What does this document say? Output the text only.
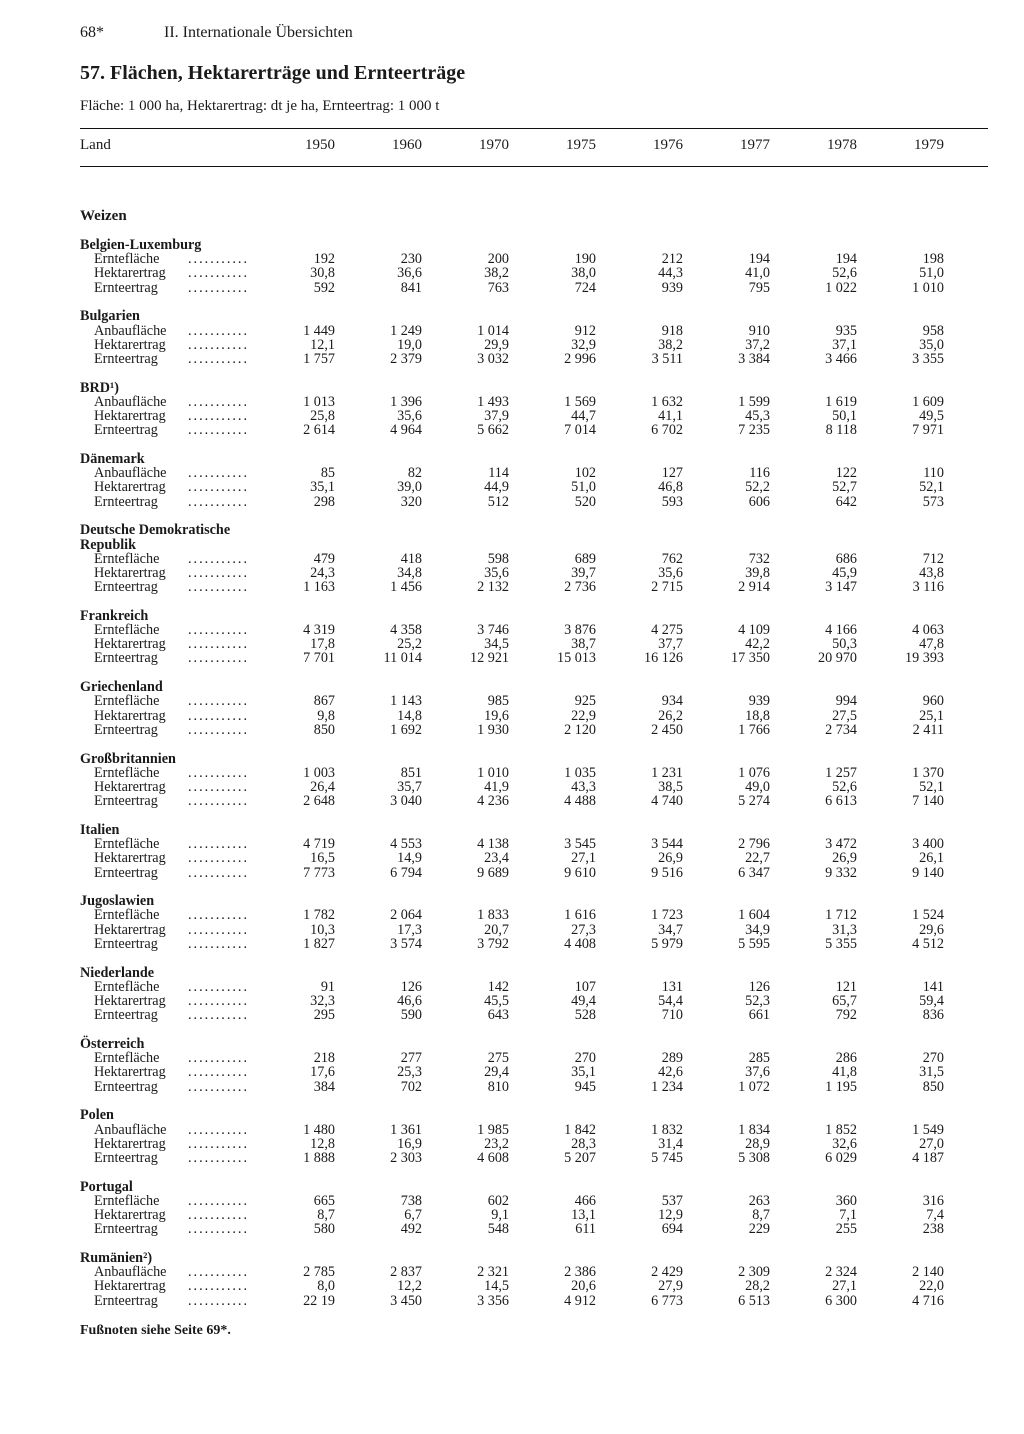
68*	II. Internationale Übersichten
57. Flächen, Hektarerträge und Ernteerträge
Fläche: 1 000 ha, Hektarertrag: dt je ha, Ernteertrag: 1 000 t
Land	1950	1960	1970	1975	1976	1977	1978	1979
Weizen
Belgien-Luxemburg
Erntefläche ...........	192	230	200	190	212	194	194	198
Hektarertrag ...........	30,8	36,6	38,2	38,0	44,3	41,0	52,6	51,0
Ernteertrag ...........	592	841	763	724	939	795	1 022	1 010
Bulgarien
Anbaufläche ...........	1 449	1 249	1 014	912	918	910	935	958
Hektarertrag ...........	12,1	19,0	29,9	32,9	38,2	37,2	37,1	35,0
Ernteertrag ...........	1 757	2 379	3 032	2 996	3 511	3 384	3 466	3 355
BRD¹)
Anbaufläche ...........	1 013	1 396	1 493	1 569	1 632	1 599	1 619	1 609
Hektarertrag ...........	25,8	35,6	37,9	44,7	41,1	45,3	50,1	49,5
Ernteertrag ...........	2 614	4 964	5 662	7 014	6 702	7 235	8 118	7 971
Dänemark
Anbaufläche ...........	85	82	114	102	127	116	122	110
Hektarertrag ...........	35,1	39,0	44,9	51,0	46,8	52,2	52,7	52,1
Ernteertrag ...........	298	320	512	520	593	606	642	573
Deutsche Demokratische
Republik
Erntefläche ...........	479	418	598	689	762	732	686	712
Hektarertrag ...........	24,3	34,8	35,6	39,7	35,6	39,8	45,9	43,8
Ernteertrag ...........	1 163	1 456	2 132	2 736	2 715	2 914	3 147	3 116
Frankreich
Erntefläche ...........	4 319	4 358	3 746	3 876	4 275	4 109	4 166	4 063
Hektarertrag ...........	17,8	25,2	34,5	38,7	37,7	42,2	50,3	47,8
Ernteertrag ...........	7 701	11 014	12 921	15 013	16 126	17 350	20 970	19 393
Griechenland
Erntefläche ...........	867	1 143	985	925	934	939	994	960
Hektarertrag ...........	9,8	14,8	19,6	22,9	26,2	18,8	27,5	25,1
Ernteertrag ...........	850	1 692	1 930	2 120	2 450	1 766	2 734	2 411
Großbritannien
Erntefläche ...........	1 003	851	1 010	1 035	1 231	1 076	1 257	1 370
Hektarertrag ...........	26,4	35,7	41,9	43,3	38,5	49,0	52,6	52,1
Ernteertrag ...........	2 648	3 040	4 236	4 488	4 740	5 274	6 613	7 140
Italien
Erntefläche ...........	4 719	4 553	4 138	3 545	3 544	2 796	3 472	3 400
Hektarertrag ...........	16,5	14,9	23,4	27,1	26,9	22,7	26,9	26,1
Ernteertrag ...........	7 773	6 794	9 689	9 610	9 516	6 347	9 332	9 140
Jugoslawien
Erntefläche ...........	1 782	2 064	1 833	1 616	1 723	1 604	1 712	1 524
Hektarertrag ...........	10,3	17,3	20,7	27,3	34,7	34,9	31,3	29,6
Ernteertrag ...........	1 827	3 574	3 792	4 408	5 979	5 595	5 355	4 512
Niederlande
Erntefläche ...........	91	126	142	107	131	126	121	141
Hektarertrag ...........	32,3	46,6	45,5	49,4	54,4	52,3	65,7	59,4
Ernteertrag ...........	295	590	643	528	710	661	792	836
Österreich
Erntefläche ...........	218	277	275	270	289	285	286	270
Hektarertrag ...........	17,6	25,3	29,4	35,1	42,6	37,6	41,8	31,5
Ernteertrag ...........	384	702	810	945	1 234	1 072	1 195	850
Polen
Anbaufläche ...........	1 480	1 361	1 985	1 842	1 832	1 834	1 852	1 549
Hektarertrag ...........	12,8	16,9	23,2	28,3	31,4	28,9	32,6	27,0
Ernteertrag ...........	1 888	2 303	4 608	5 207	5 745	5 308	6 029	4 187
Portugal
Erntefläche ...........	665	738	602	466	537	263	360	316
Hektarertrag ...........	8,7	6,7	9,1	13,1	12,9	8,7	7,1	7,4
Ernteertrag ...........	580	492	548	611	694	229	255	238
Rumänien²)
Anbaufläche ...........	2 785	2 837	2 321	2 386	2 429	2 309	2 324	2 140
Hektarertrag ...........	8,0	12,2	14,5	20,6	27,9	28,2	27,1	22,0
Ernteertrag ...........	22 19	3 450	3 356	4 912	6 773	6 513	6 300	4 716
Fußnoten siehe Seite 69*.
